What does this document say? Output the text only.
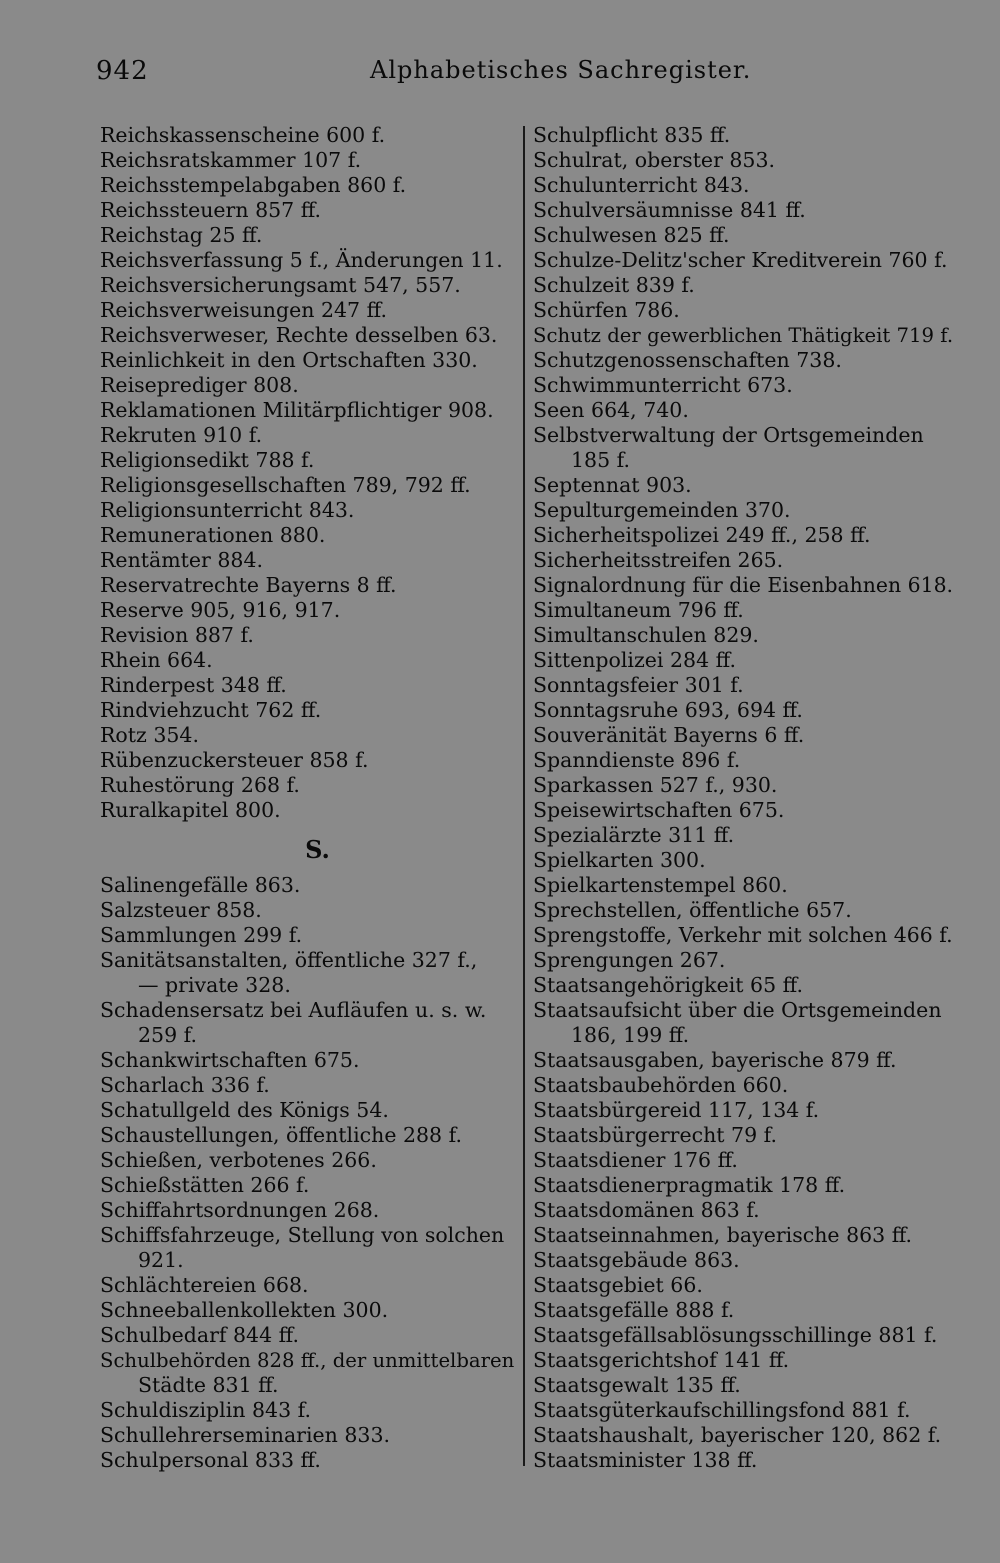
942	Alphabetisches Sachregister.
Reichskassenscheine 600 f.
Reichsratskammer 107 f.
Reichsstempelabgaben 860 f.
Reichssteuern 857 ff.
Reichstag 25 ff.
Reichsverfassung 5 f., Änderungen 11.
Reichsversicherungsamt 547, 557.
Reichsverweisungen 247 ff.
Reichsverweser, Rechte desselben 63.
Reinlichkeit in den Ortschaften 330.
Reiseprediger 808.
Reklamationen Militärpflichtiger 908.
Rekruten 910 f.
Religionsedikt 788 f.
Religionsgesellschaften 789, 792 ff.
Religionsunterricht 843.
Remunerationen 880.
Rentämter 884.
Reservatrechte Bayerns 8 ff.
Reserve 905, 916, 917.
Revision 887 f.
Rhein 664.
Rinderpest 348 ff.
Rindviehzucht 762 ff.
Rotz 354.
Rübenzuckersteuer 858 f.
Ruhestörung 268 f.
Ruralkapitel 800.
S.
Salinengefälle 863.
Salzsteuer 858.
Sammlungen 299 f.
Sanitätsanstalten, öffentliche 327 f.,
— private 328.
Schadensersatz bei Aufläufen u. s. w.
259 f.
Schankwirtschaften 675.
Scharlach 336 f.
Schatullgeld des Königs 54.
Schaustellungen, öffentliche 288 f.
Schießen, verbotenes 266.
Schießstätten 266 f.
Schiffahrtsordnungen 268.
Schiffsfahrzeuge, Stellung von solchen
921.
Schlächtereien 668.
Schneeballenkollekten 300.
Schulbedarf 844 ff.
Schulbehörden 828 ff., der unmittelbaren
Städte 831 ff.
Schuldisziplin 843 f.
Schullehrerseminarien 833.
Schulpersonal 833 ff.
Schulpflicht 835 ff.
Schulrat, oberster 853.
Schulunterricht 843.
Schulversäumnisse 841 ff.
Schulwesen 825 ff.
Schulze-Delitz'scher Kreditverein 760 f.
Schulzeit 839 f.
Schürfen 786.
Schutz der gewerblichen Thätigkeit 719 f.
Schutzgenossenschaften 738.
Schwimmunterricht 673.
Seen 664, 740.
Selbstverwaltung der Ortsgemeinden
185 f.
Septennat 903.
Sepulturgemeinden 370.
Sicherheitspolizei 249 ff., 258 ff.
Sicherheitsstreifen 265.
Signalordnung für die Eisenbahnen 618.
Simultaneum 796 ff.
Simultanschulen 829.
Sittenpolizei 284 ff.
Sonntagsfeier 301 f.
Sonntagsruhe 693, 694 ff.
Souveränität Bayerns 6 ff.
Spanndienste 896 f.
Sparkassen 527 f., 930.
Speisewirtschaften 675.
Spezialärzte 311 ff.
Spielkarten 300.
Spielkartenstempel 860.
Sprechstellen, öffentliche 657.
Sprengstoffe, Verkehr mit solchen 466 f.
Sprengungen 267.
Staatsangehörigkeit 65 ff.
Staatsaufsicht über die Ortsgemeinden
186, 199 ff.
Staatsausgaben, bayerische 879 ff.
Staatsbaubehörden 660.
Staatsbürgereid 117, 134 f.
Staatsbürgerrecht 79 f.
Staatsdiener 176 ff.
Staatsdienerpragmatik 178 ff.
Staatsdomänen 863 f.
Staatseinnahmen, bayerische 863 ff.
Staatsgebäude 863.
Staatsgebiet 66.
Staatsgefälle 888 f.
Staatsgefällsablösungsschillinge 881 f.
Staatsgerichtshof 141 ff.
Staatsgewalt 135 ff.
Staatsgüterkaufschillingsfond 881 f.
Staatshaushalt, bayerischer 120, 862 f.
Staatsminister 138 ff.
